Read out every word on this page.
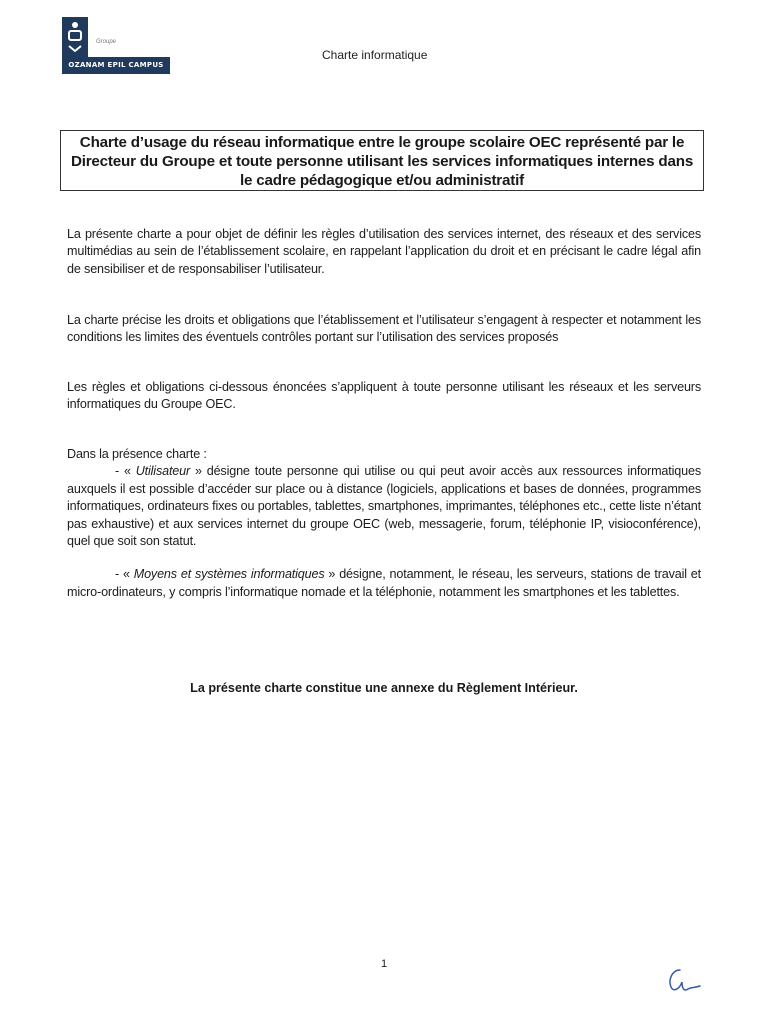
Groupe
OZANAM EPIL CAMPUS
Charte informatique
Charte d’usage du réseau informatique entre le groupe scolaire OEC représenté par le Directeur du Groupe et toute personne utilisant les services informatiques internes dans le cadre pédagogique et/ou administratif

La présente charte a pour objet de définir les règles d’utilisation des services internet, des réseaux et des services multimédias au sein de l’établissement scolaire, en rappelant l’application du droit et en précisant le cadre légal afin de sensibiliser et de responsabiliser l’utilisateur.

La charte précise les droits et obligations que l’établissement et l’utilisateur s’engagent à respecter et notamment les conditions les limites des éventuels contrôles portant sur l’utilisation des services proposés

Les règles et obligations ci-dessous énoncées s’appliquent à toute personne utilisant les réseaux et les serveurs informatiques du Groupe OEC.

Dans la présence charte :

- « Utilisateur » désigne toute personne qui utilise ou qui peut avoir accès aux ressources informatiques auxquels il est possible d’accéder sur place ou à distance (logiciels, applications et bases de données, programmes informatiques, ordinateurs fixes ou portables, tablettes, smartphones, imprimantes, téléphones etc., cette liste n’étant pas exhaustive) et aux services internet du groupe OEC (web, messagerie, forum, téléphonie IP, visioconférence), quel que soit son statut.

- « Moyens et systèmes informatiques » désigne, notamment, le réseau, les serveurs, stations de travail et micro-ordinateurs, y compris l’informatique nomade et la téléphonie, notamment les smartphones et les tablettes.

La présente charte constitue une annexe du Règlement Intérieur.
1
